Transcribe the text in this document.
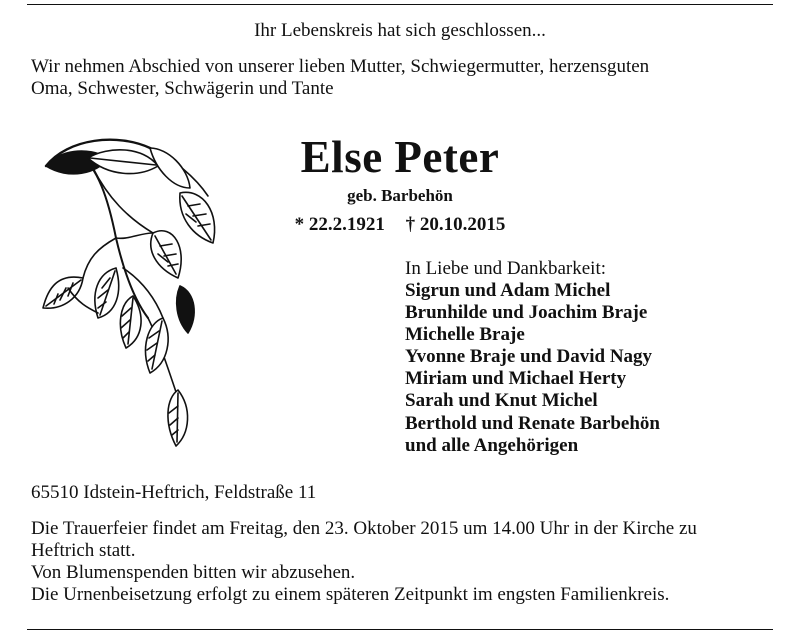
Ihr Lebenskreis hat sich geschlossen...
Wir nehmen Abschied von unserer lieben Mutter, Schwiegermutter, herzensguten
Oma, Schwester, Schwägerin und Tante
Else Peter
geb. Barbehön
* 22.2.1921 † 20.10.2015
In Liebe und Dankbarkeit:
Sigrun und Adam Michel
Brunhilde und Joachim Braje
Michelle Braje
Yvonne Braje und David Nagy
Miriam und Michael Herty
Sarah und Knut Michel
Berthold und Renate Barbehön
und alle Angehörigen
65510 Idstein-Heftrich, Feldstraße 11
Die Trauerfeier findet am Freitag, den 23. Oktober 2015 um 14.00 Uhr in der Kirche zu
Heftrich statt.
Von Blumenspenden bitten wir abzusehen.
Die Urnenbeisetzung erfolgt zu einem späteren Zeitpunkt im engsten Familienkreis.
